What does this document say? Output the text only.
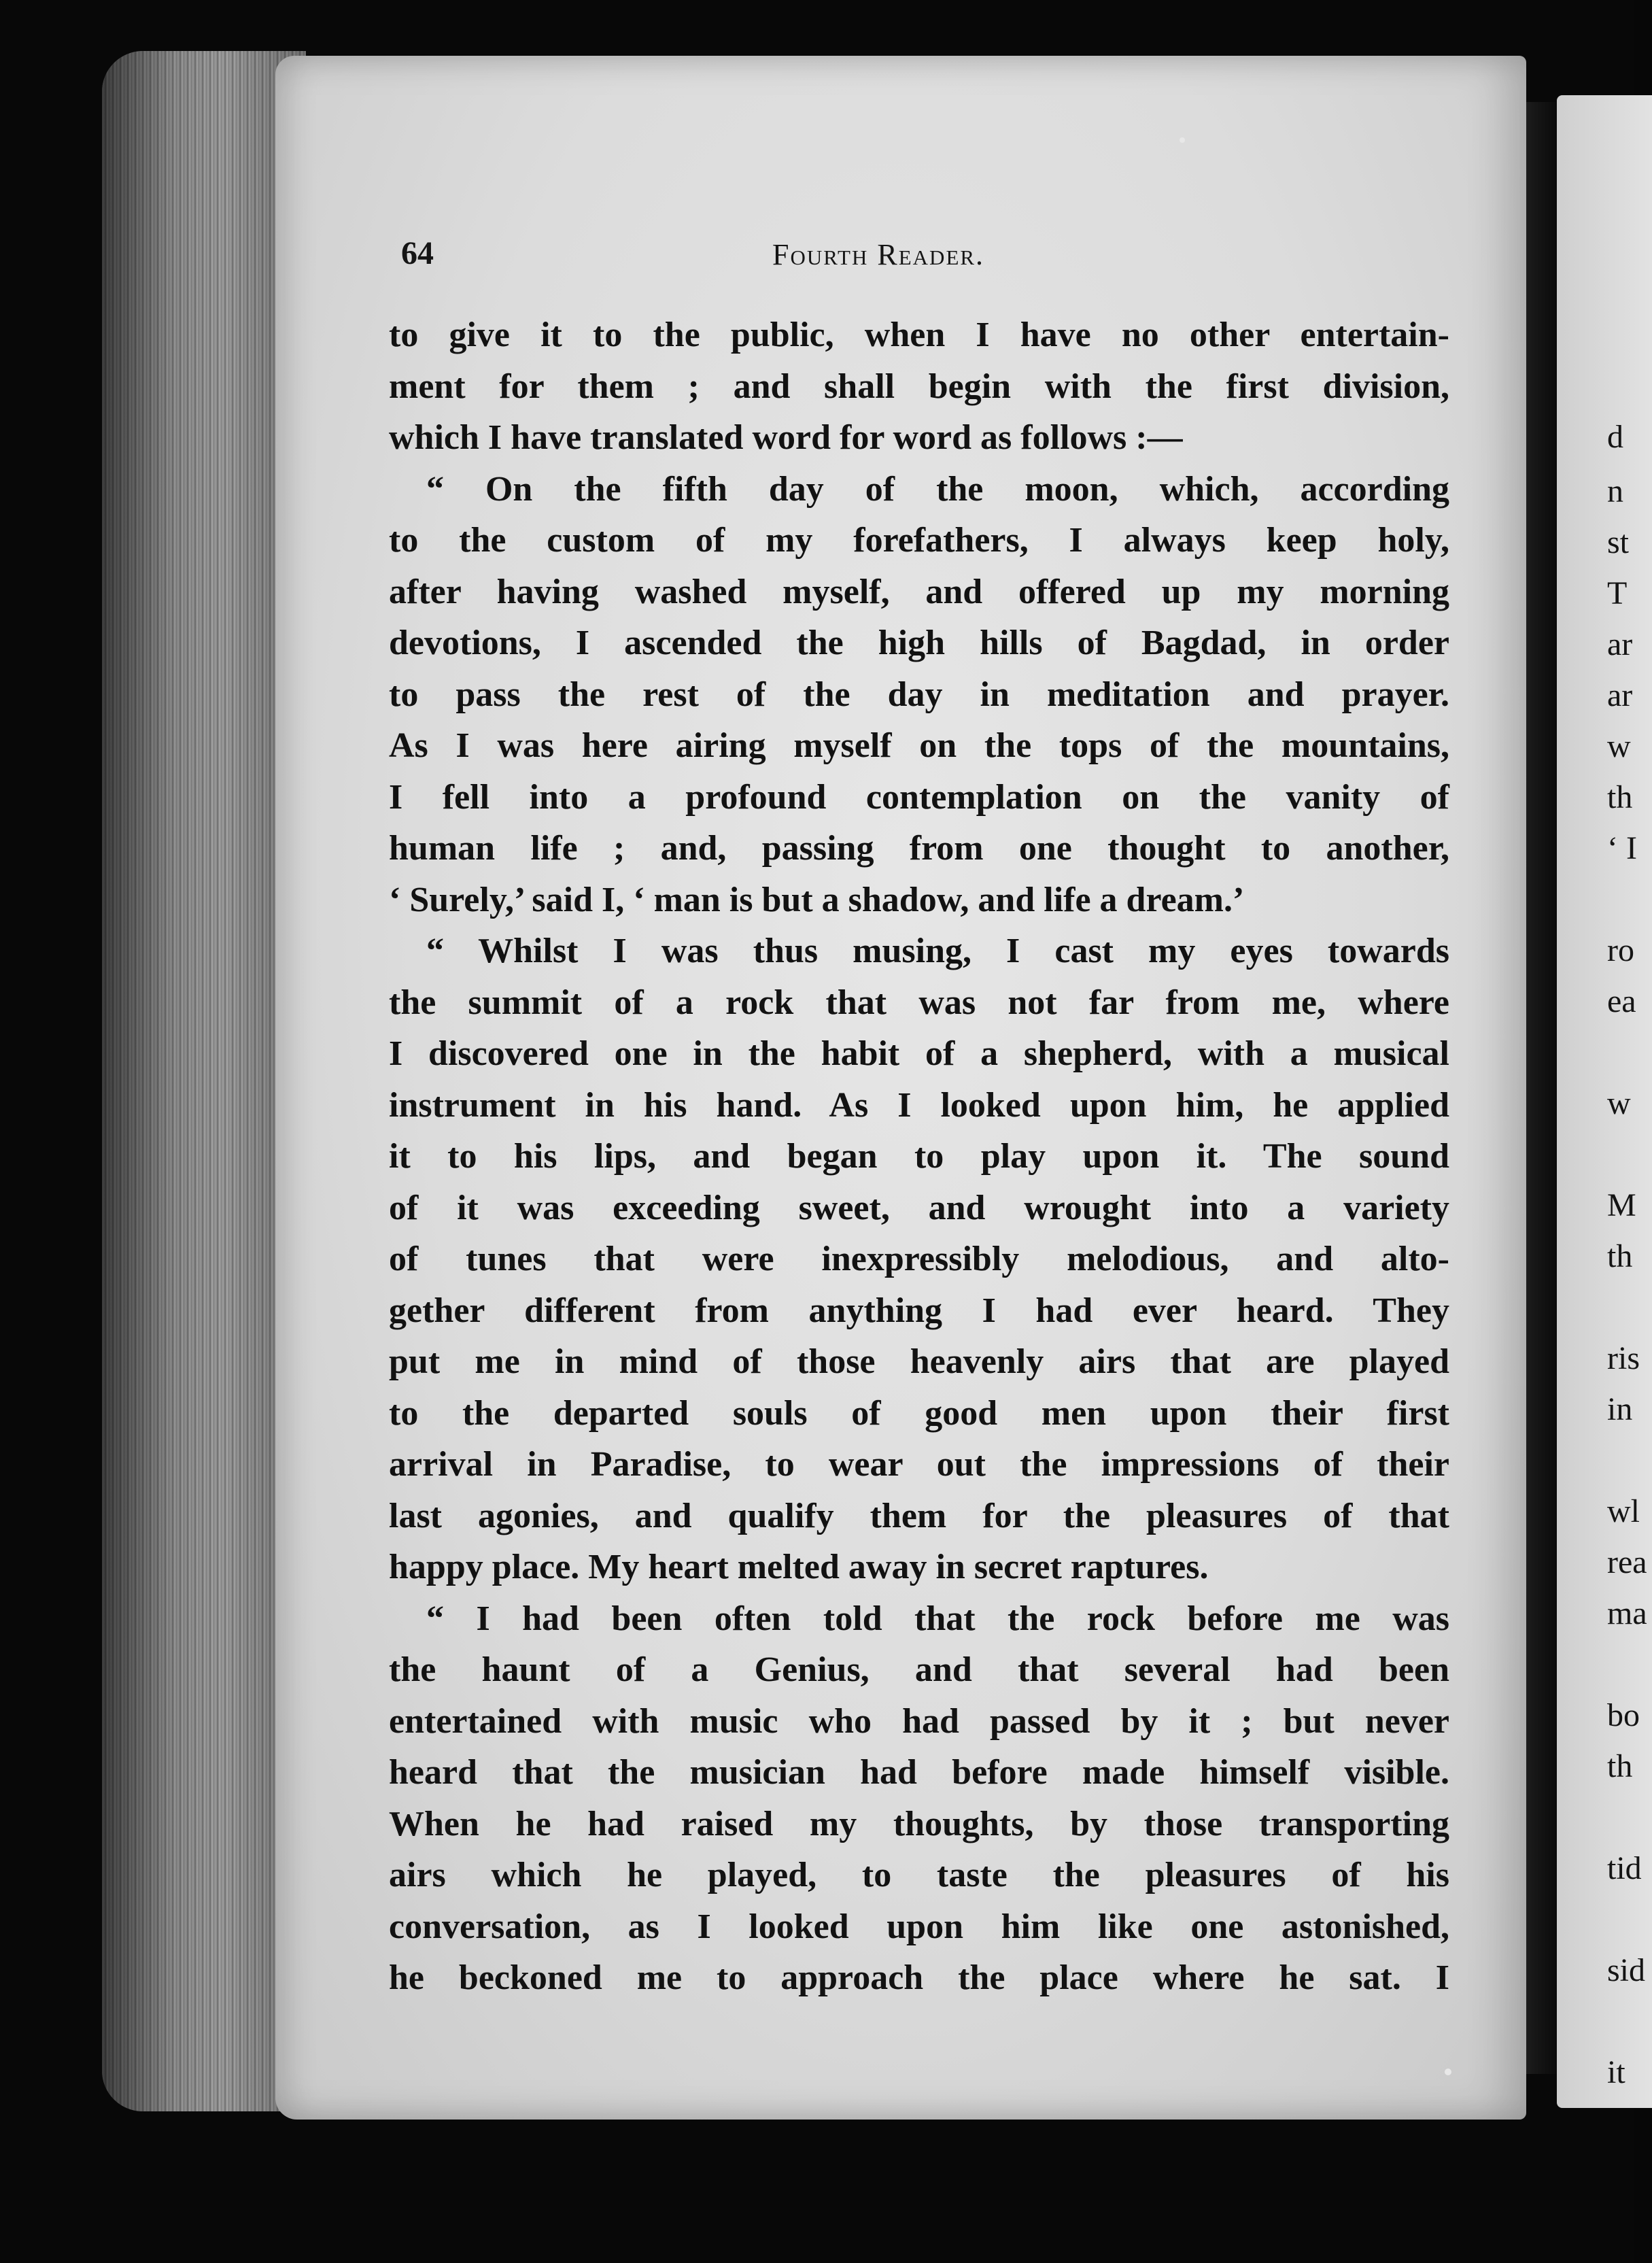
d
n
st
T
ar
ar
w
th
‘ I
ro
ea
w
M
th
ris
in
wl
rea
ma
bo
th
tid
sid
it
64	Fourth Reader.
to give it to the public, when I have no other entertain-
ment for them ; and shall begin with the first division,
which I have translated word for word as follows :—
“ On the fifth day of the moon, which, according
to the custom of my forefathers, I always keep holy,
after having washed myself, and offered up my morning
devotions, I ascended the high hills of Bagdad, in order
to pass the rest of the day in meditation and prayer.
As I was here airing myself on the tops of the mountains,
I fell into a profound contemplation on the vanity of
human life ; and, passing from one thought to another,
‘ Surely,’ said I, ‘ man is but a shadow, and life a dream.’
“ Whilst I was thus musing, I cast my eyes towards
the summit of a rock that was not far from me, where
I discovered one in the habit of a shepherd, with a musical
instrument in his hand. As I looked upon him, he applied
it to his lips, and began to play upon it. The sound
of it was exceeding sweet, and wrought into a variety
of tunes that were inexpressibly melodious, and alto-
gether different from anything I had ever heard. They
put me in mind of those heavenly airs that are played
to the departed souls of good men upon their first
arrival in Paradise, to wear out the impressions of their
last agonies, and qualify them for the pleasures of that
happy place. My heart melted away in secret raptures.
“ I had been often told that the rock before me was
the haunt of a Genius, and that several had been
entertained with music who had passed by it ; but never
heard that the musician had before made himself visible.
When he had raised my thoughts, by those transporting
airs which he played, to taste the pleasures of his
conversation, as I looked upon him like one astonished,
he beckoned me to approach the place where he sat. I
